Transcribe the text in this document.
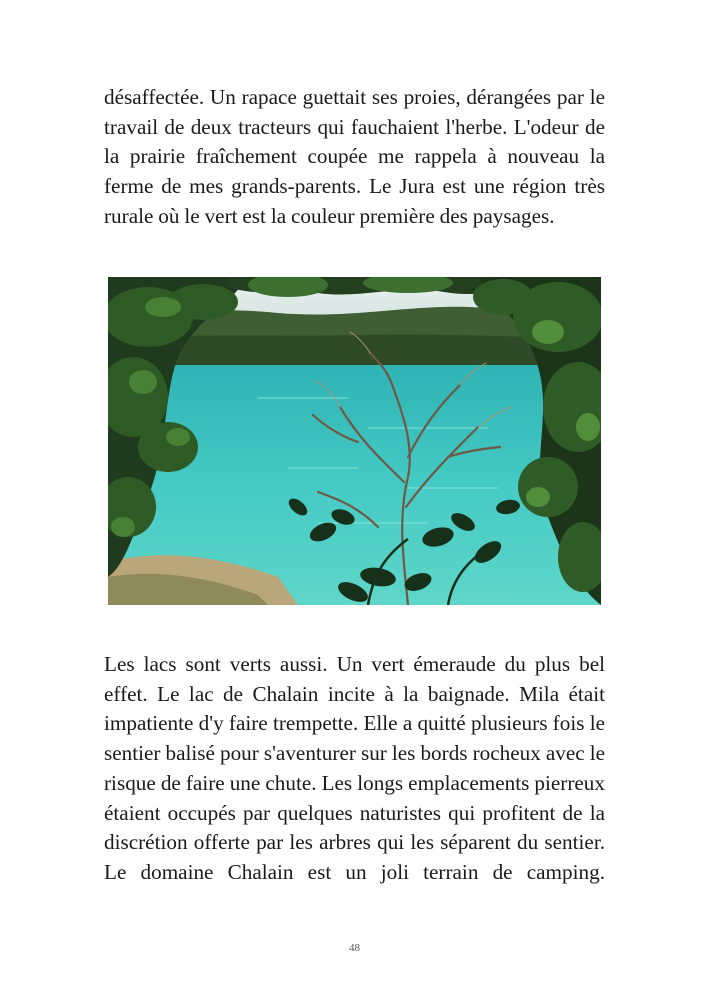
désaffectée. Un rapace guettait ses proies, dérangées par le travail de deux tracteurs qui fauchaient l'herbe. L'odeur de la prairie fraîchement coupée me rappela à nouveau la ferme de mes grands-parents. Le Jura est une région très rurale où le vert est la couleur première des paysages.

Les lacs sont verts aussi. Un vert émeraude du plus bel effet. Le lac de Chalain incite à la baignade. Mila était impatiente d'y faire trempette. Elle a quitté plusieurs fois le sentier balisé pour s'aventurer sur les bords rocheux avec le risque de faire une chute. Les longs emplacements pierreux étaient occupés par quelques naturistes qui profitent de la discrétion offerte par les arbres qui les séparent du sentier. Le domaine Chalain est un joli terrain de camping.

48
